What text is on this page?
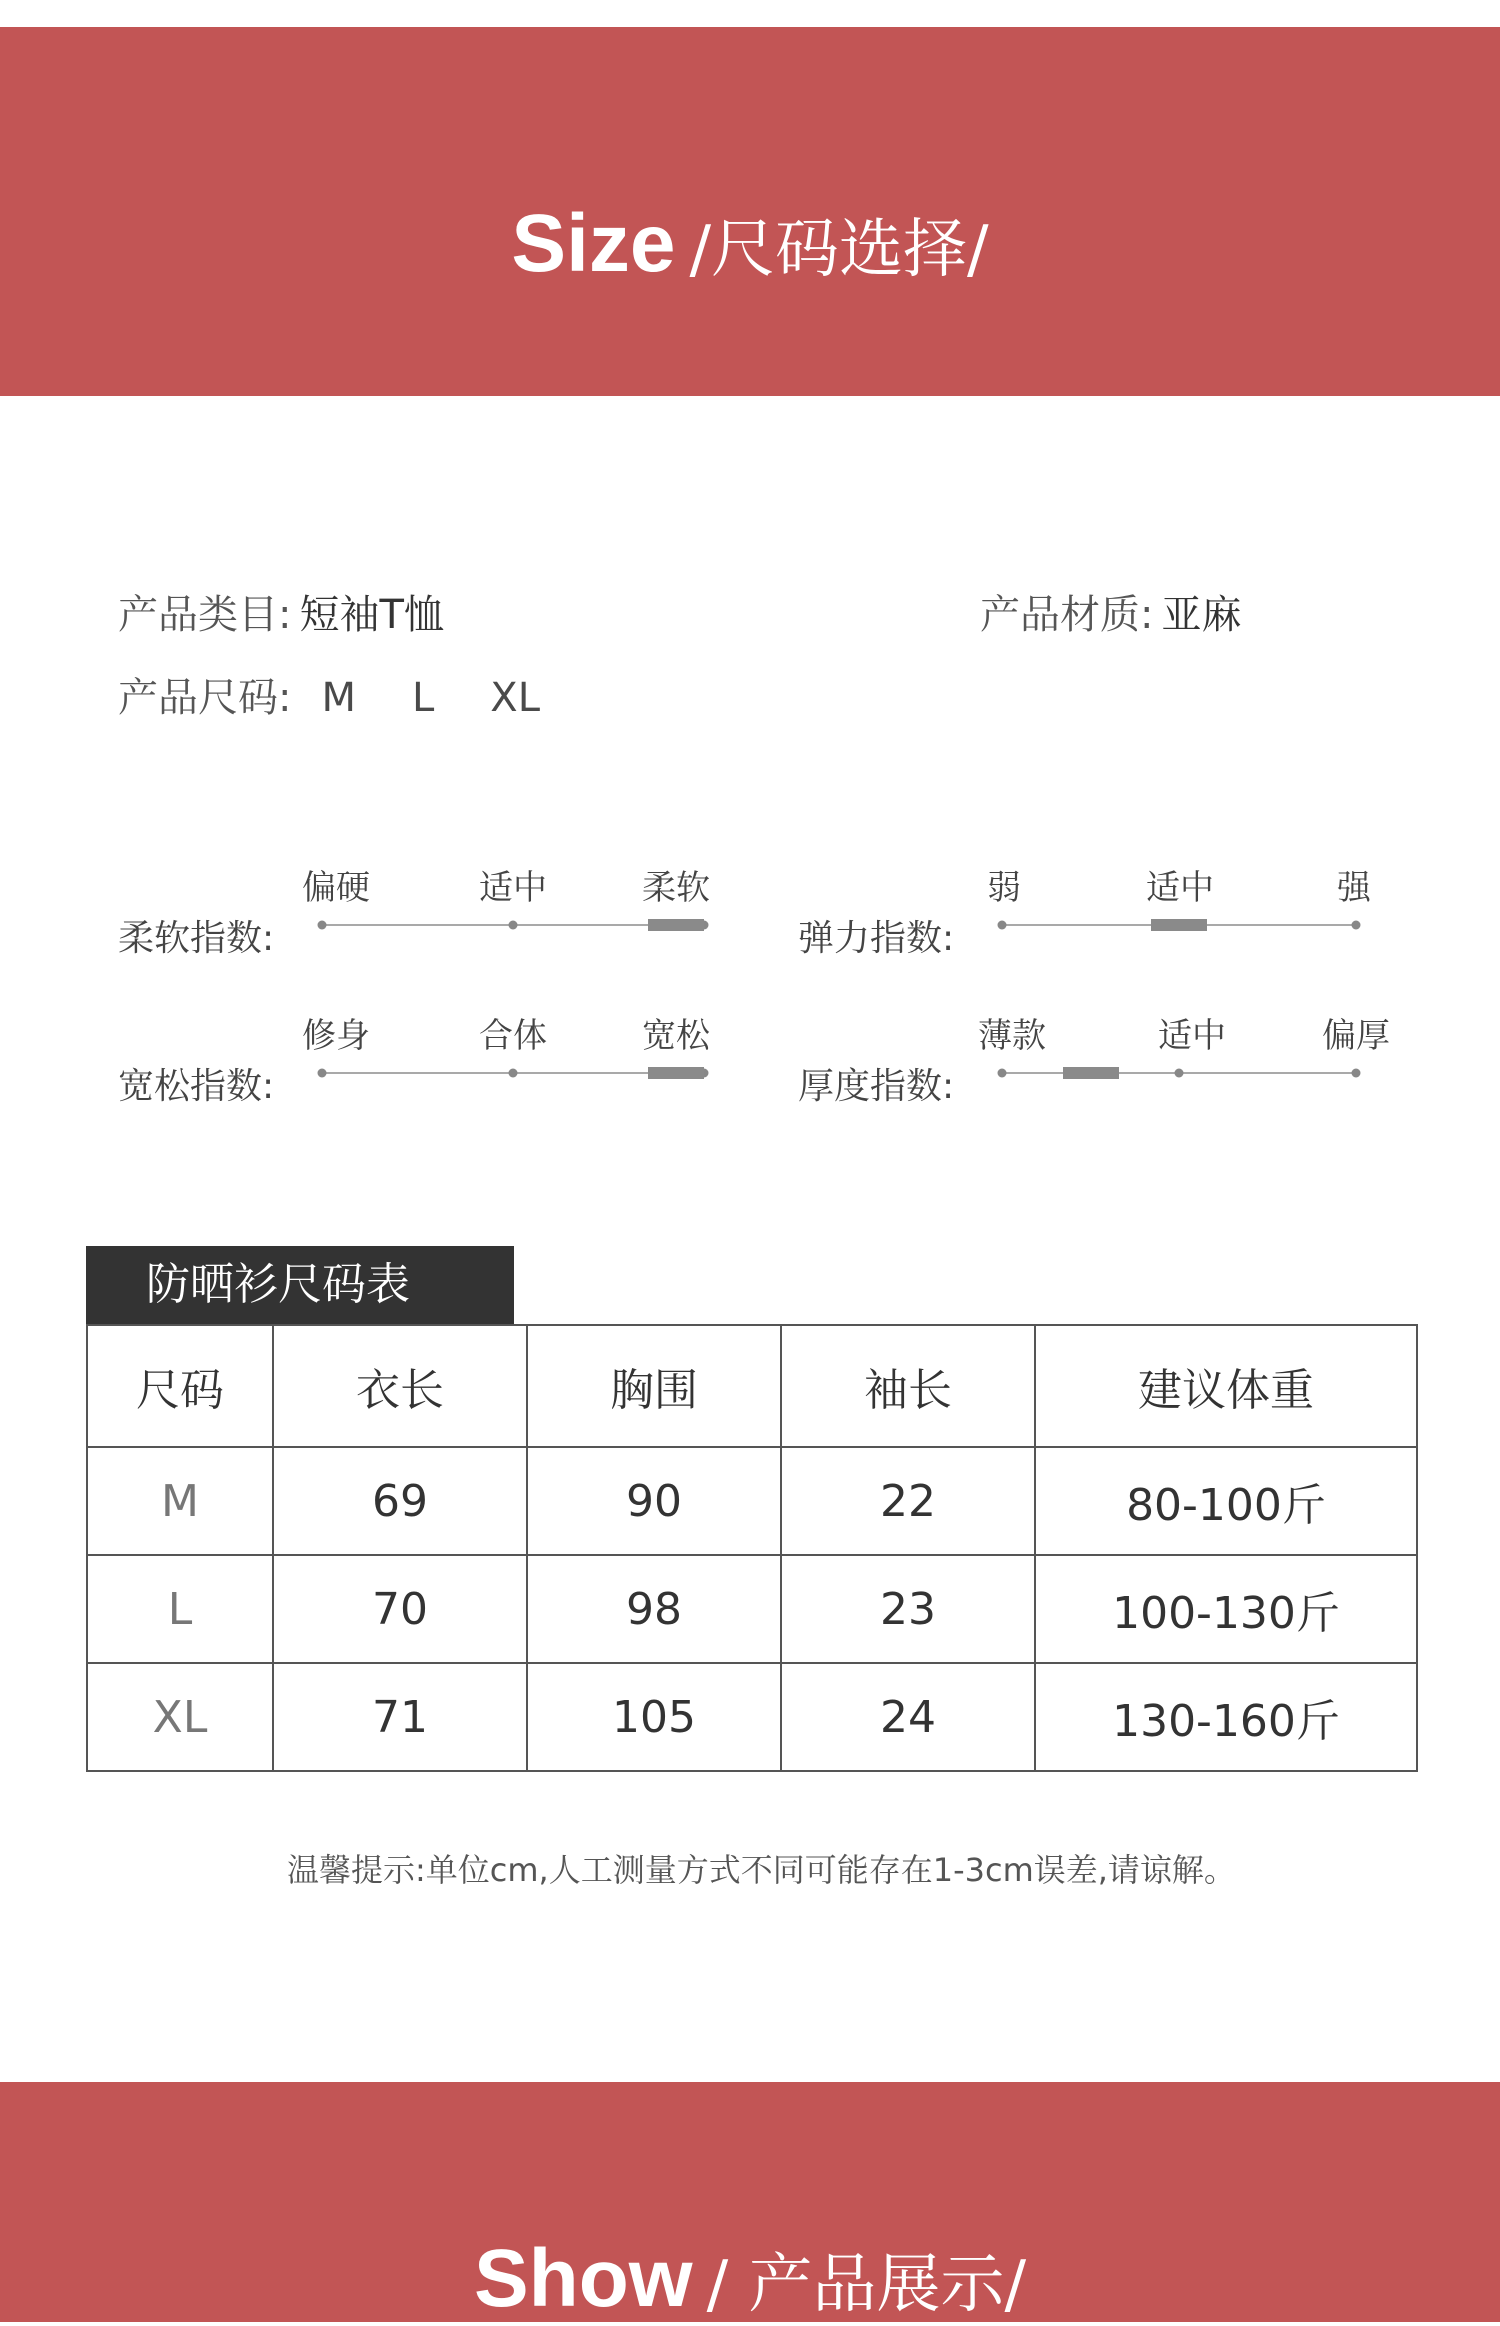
Size /尺码选择/
产品类目: 短袖T恤	产品材质: 亚麻
产品尺码: M L XL
柔软指数:
偏硬	适中	柔软
弹力指数:
弱	适中	强
宽松指数:
修身	合体	宽松
厚度指数:
薄款	适中	偏厚
防晒衫尺码表
尺码	衣长	胸围	袖长	建议体重
M	69	90	22	80-100斤
L	70	98	23	100-130斤
XL	71	105	24	130-160斤
温馨提示:单位cm,人工测量方式不同可能存在1-3cm误差,请谅解。
Show / 产品展示/
